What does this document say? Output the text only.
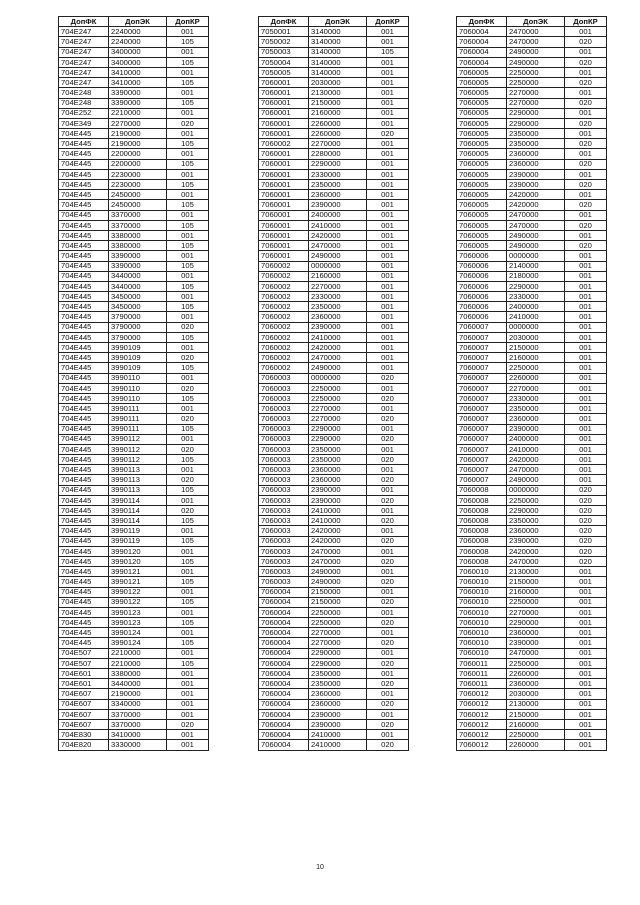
ДопФК	ДопЭК	ДопКР
704E247	2240000	001
704E247	2240000	105
704E247	3400000	001
704E247	3400000	105
704E247	3410000	001
704E247	3410000	105
704E248	3390000	001
704E248	3390000	105
704E252	2210000	001
704E349	2270000	020
704E445	2190000	001
704E445	2190000	105
704E445	2200000	001
704E445	2200000	105
704E445	2230000	001
704E445	2230000	105
704E445	2450000	001
704E445	2450000	105
704E445	3370000	001
704E445	3370000	105
704E445	3380000	001
704E445	3380000	105
704E445	3390000	001
704E445	3390000	105
704E445	3440000	001
704E445	3440000	105
704E445	3450000	001
704E445	3450000	105
704E445	3790000	001
704E445	3790000	020
704E445	3790000	105
704E445	3990109	001
704E445	3990109	020
704E445	3990109	105
704E445	3990110	001
704E445	3990110	020
704E445	3990110	105
704E445	3990111	001
704E445	3990111	020
704E445	3990111	105
704E445	3990112	001
704E445	3990112	020
704E445	3990112	105
704E445	3990113	001
704E445	3990113	020
704E445	3990113	105
704E445	3990114	001
704E445	3990114	020
704E445	3990114	105
704E445	3990119	001
704E445	3990119	105
704E445	3990120	001
704E445	3990120	105
704E445	3990121	001
704E445	3990121	105
704E445	3990122	001
704E445	3990122	105
704E445	3990123	001
704E445	3990123	105
704E445	3990124	001
704E445	3990124	105
704E507	2210000	001
704E507	2210000	105
704E601	3380000	001
704E601	3440000	001
704E607	2190000	001
704E607	3340000	001
704E607	3370000	001
704E607	3370000	020
704E830	3410000	001
704E820	3330000	001
ДопФК	ДопЭК	ДопКР
7050001	3140000	001
7050002	3140000	001
7050003	3140000	105
7050004	3140000	001
7050005	3140000	001
7060001	2030000	001
7060001	2130000	001
7060001	2150000	001
7060001	2160000	001
7060001	2260000	001
7060001	2260000	020
7060002	2270000	001
7060001	2280000	001
7060001	2290000	001
7060001	2330000	001
7060001	2350000	001
7060001	2360000	001
7060001	2390000	001
7060001	2400000	001
7060001	2410000	001
7060001	2420000	001
7060001	2470000	001
7060001	2490000	001
7060002	0000000	001
7060002	2160000	001
7060002	2270000	001
7060002	2330000	001
7060002	2350000	001
7060002	2360000	001
7060002	2390000	001
7060002	2410000	001
7060002	2420000	001
7060002	2470000	001
7060002	2490000	001
7060003	0000000	020
7060003	2250000	001
7060003	2250000	020
7060003	2270000	001
7060003	2270000	020
7060003	2290000	001
7060003	2290000	020
7060003	2350000	001
7060003	2350000	020
7060003	2360000	001
7060003	2360000	020
7060003	2390000	001
7060003	2390000	020
7060003	2410000	001
7060003	2410000	020
7060003	2420000	001
7060003	2420000	020
7060003	2470000	001
7060003	2470000	020
7060003	2490000	001
7060003	2490000	020
7060004	2150000	001
7060004	2150000	020
7060004	2250000	001
7060004	2250000	020
7060004	2270000	001
7060004	2270000	020
7060004	2290000	001
7060004	2290000	020
7060004	2350000	001
7060004	2350000	020
7060004	2360000	001
7060004	2360000	020
7060004	2390000	001
7060004	2390000	020
7060004	2410000	001
7060004	2410000	020
ДопФК	ДопЭК	ДопКР
7060004	2470000	001
7060004	2470000	020
7060004	2490000	001
7060004	2490000	020
7060005	2250000	001
7060005	2250000	020
7060005	2270000	001
7060005	2270000	020
7060005	2290000	001
7060005	2290000	020
7060005	2350000	001
7060005	2350000	020
7060005	2360000	001
7060005	2360000	020
7060005	2390000	001
7060005	2390000	020
7060005	2420000	001
7060005	2420000	020
7060005	2470000	001
7060005	2470000	020
7060005	2490000	001
7060005	2490000	020
7060006	0000000	001
7060006	2140000	001
7060006	2180000	001
7060006	2290000	001
7060006	2330000	001
7060006	2400000	001
7060006	2410000	001
7060007	0000000	001
7060007	2030000	001
7060007	2150000	001
7060007	2160000	001
7060007	2250000	001
7060007	2260000	001
7060007	2270000	001
7060007	2330000	001
7060007	2350000	001
7060007	2360000	001
7060007	2390000	001
7060007	2400000	001
7060007	2410000	001
7060007	2420000	001
7060007	2470000	001
7060007	2490000	001
7060008	0000000	020
7060008	2250000	020
7060008	2290000	020
7060008	2350000	020
7060008	2360000	020
7060008	2390000	020
7060008	2420000	020
7060008	2470000	020
7060010	2130000	001
7060010	2150000	001
7060010	2160000	001
7060010	2250000	001
7060010	2270000	001
7060010	2290000	001
7060010	2360000	001
7060010	2390000	001
7060010	2470000	001
7060011	2250000	001
7060011	2260000	001
7060011	2360000	001
7060012	2030000	001
7060012	2130000	001
7060012	2150000	001
7060012	2160000	001
7060012	2250000	001
7060012	2260000	001
10
